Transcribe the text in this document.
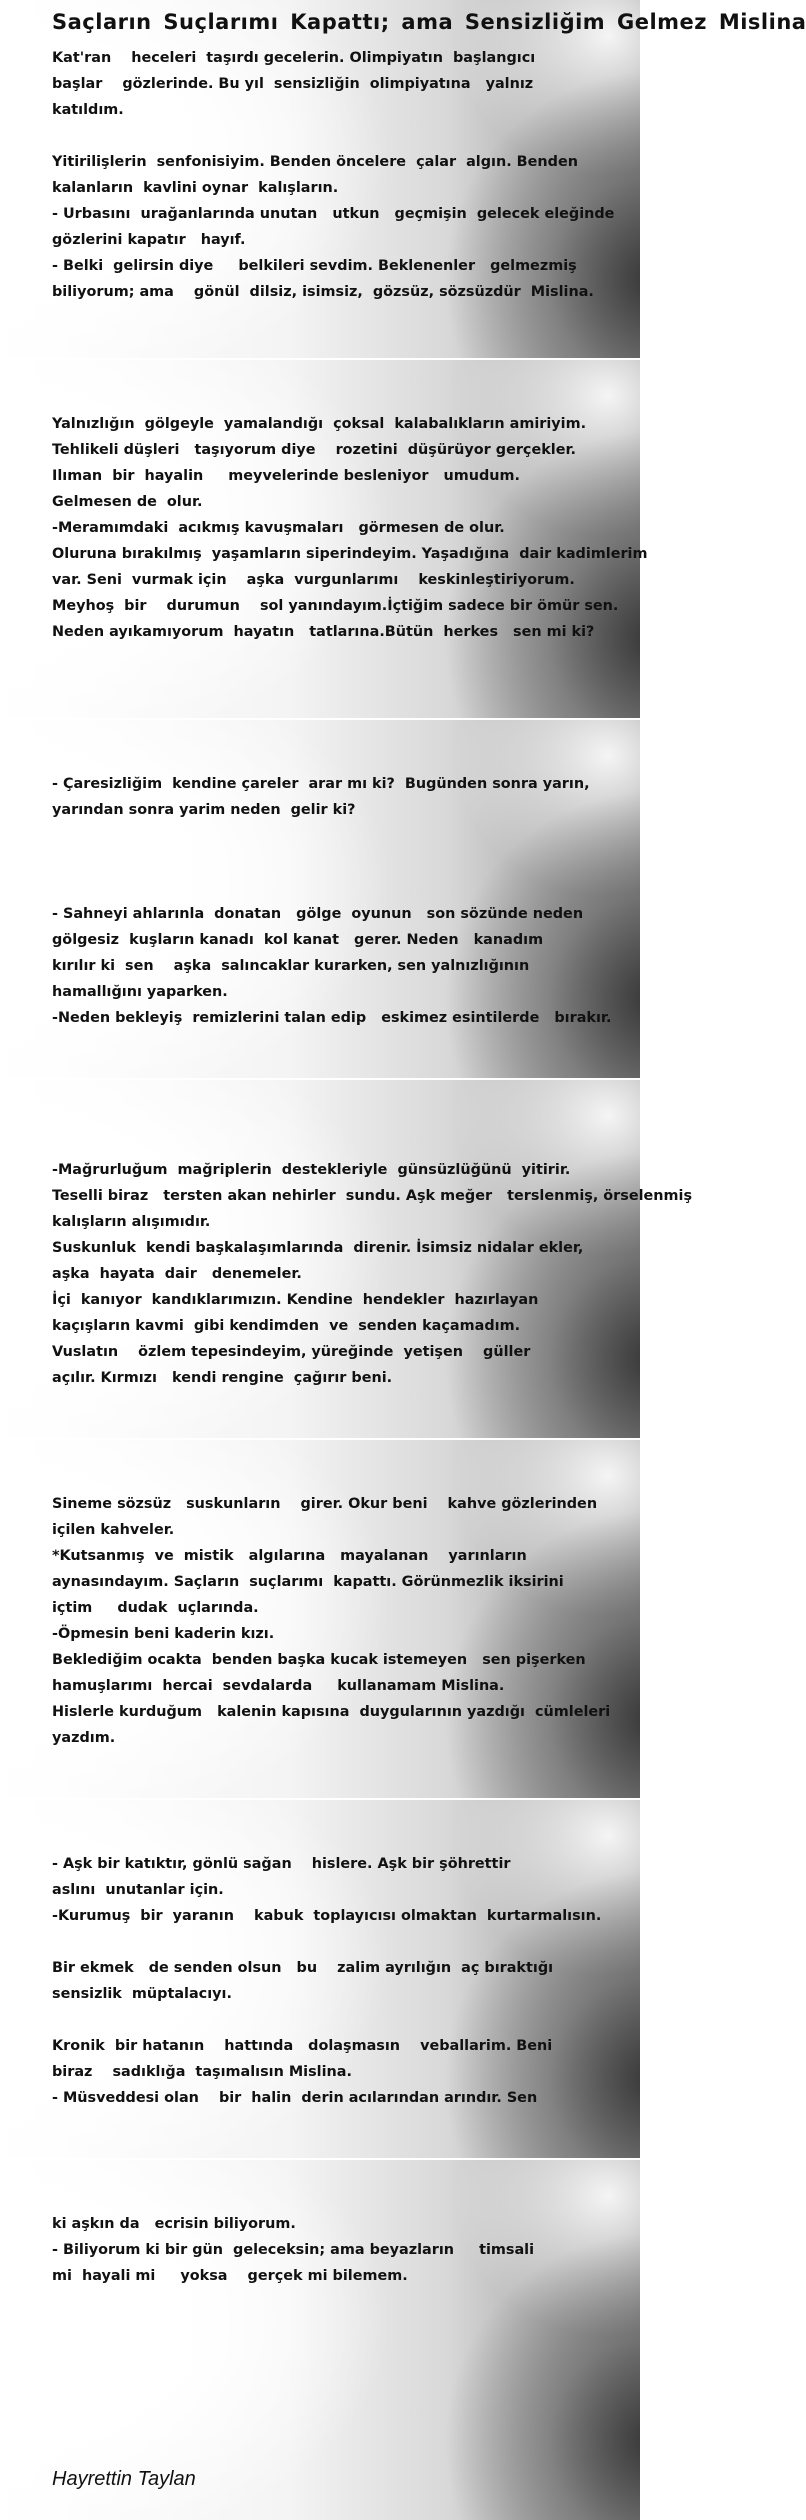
Saçların Suçlarımı Kapattı; ama Sensizliğim Gelmez Mislina

Kat'ran    heceleri  taşırdı gecelerin. Olimpiyatın  başlangıcı
başlar    gözlerinde. Bu yıl  sensizliğin  olimpiyatına   yalnız
katıldım.

Yitirilişlerin  senfonisiyim. Benden öncelere  çalar  algın. Benden
kalanların  kavlini oynar  kalışların.
- Urbasını  urağanlarında unutan   utkun   geçmişin  gelecek eleğinde
gözlerini kapatır   hayıf.
- Belki  gelirsin diye     belkileri sevdim. Beklenenler   gelmezmiş
biliyorum; ama    gönül  dilsiz, isimsiz,  gözsüz, sözsüzdür  Mislina.

Yalnızlığın  gölgeyle  yamalandığı  çoksal  kalabalıkların amiriyim.
Tehlikeli düşleri   taşıyorum diye    rozetini  düşürüyor gerçekler.
Ilıman  bir  hayalin     meyvelerinde besleniyor   umudum.
Gelmesen de  olur.
-Meramımdaki  acıkmış kavuşmaları   görmesen de olur.
Oluruna bırakılmış  yaşamların siperindeyim. Yaşadığına  dair kadimlerim
var. Seni  vurmak için    aşka  vurgunlarımı    keskinleştiriyorum.
Meyhoş  bir    durumun    sol yanındayım.İçtiğim sadece bir ömür sen.
Neden ayıkamıyorum  hayatın   tatlarına.Bütün  herkes   sen mi ki?

- Çaresizliğim  kendine çareler  arar mı ki?  Bugünden sonra yarın,
yarından sonra yarim neden  gelir ki?

- Sahneyi ahlarınla  donatan   gölge  oyunun   son sözünde neden
gölgesiz  kuşların kanadı  kol kanat   gerer. Neden   kanadım
kırılır ki  sen    aşka  salıncaklar kurarken, sen yalnızlığının
hamallığını yaparken.
-Neden bekleyiş  remizlerini talan edip   eskimez esintilerde   bırakır.

-Mağrurluğum  mağriplerin  destekleriyle  günsüzlüğünü  yitirir.
Teselli biraz   tersten akan nehirler  sundu. Aşk meğer   terslenmiş, örselenmiş
kalışların alışımıdır.
Suskunluk  kendi başkalaşımlarında  direnir. İsimsiz nidalar ekler,
aşka  hayata  dair   denemeler.
İçi  kanıyor  kandıklarımızın. Kendine  hendekler  hazırlayan
kaçışların kavmi  gibi kendimden  ve  senden kaçamadım.
Vuslatın    özlem tepesindeyim, yüreğinde  yetişen    güller
açılır. Kırmızı   kendi rengine  çağırır beni.

Sineme sözsüz   suskunların    girer. Okur beni    kahve gözlerinden
içilen kahveler.
*Kutsanmış  ve  mistik   algılarına   mayalanan    yarınların
aynasındayım. Saçların  suçlarımı  kapattı. Görünmezlik iksirini
içtim     dudak  uçlarında.
-Öpmesin beni kaderin kızı.
Beklediğim ocakta  benden başka kucak istemeyen   sen pişerken
hamuşlarımı  hercai  sevdalarda     kullanamam Mislina.
Hislerle kurduğum   kalenin kapısına  duygularının yazdığı  cümleleri
yazdım.

- Aşk bir katıktır, gönlü sağan    hislere. Aşk bir şöhrettir
aslını  unutanlar için.
-Kurumuş  bir  yaranın    kabuk  toplayıcısı olmaktan  kurtarmalısın.

Bir ekmek   de senden olsun   bu    zalim ayrılığın  aç bıraktığı
sensizlik  müptalacıyı.

Kronik  bir hatanın    hattında   dolaşmasın    veballarim. Beni
biraz    sadıklığa  taşımalısın Mislina.
- Müsveddesi olan    bir  halin  derin acılarından arındır. Sen

ki aşkın da   ecrisin biliyorum.
- Biliyorum ki bir gün  geleceksin; ama beyazların     timsali
mi  hayali mi     yoksa    gerçek mi bilemem.

Hayrettin Taylan
